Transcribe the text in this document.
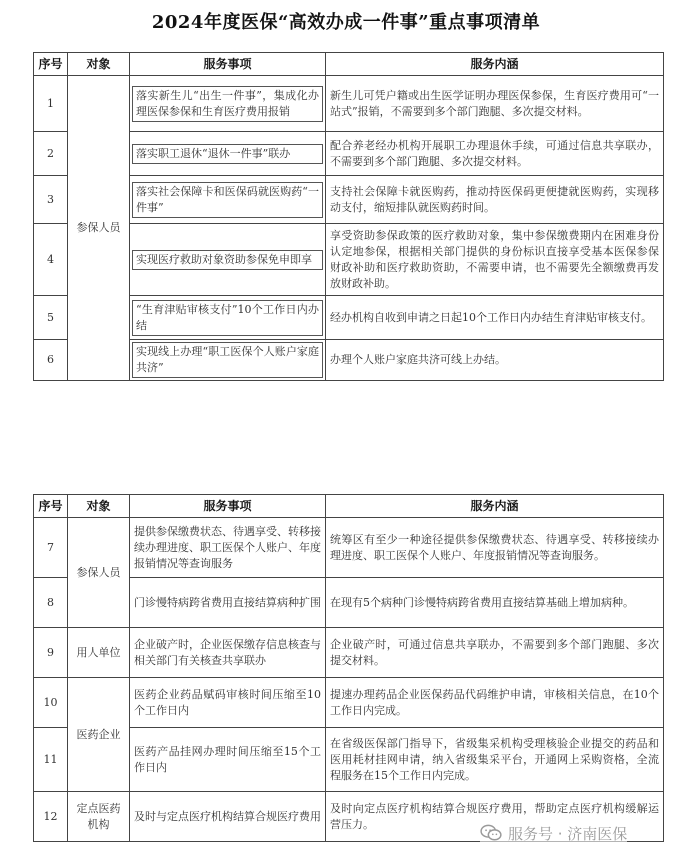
2024年度医保“高效办成一件事”重点事项清单
序号	对象	服务事项	服务内涵
1	参保人员	落实新生儿“出生一件事”，集成化办理医保参保和生育医疗费用报销	新生儿可凭户籍或出生医学证明办理医保参保，生育医疗费用可“一站式”报销，不需要到多个部门跑腿、多次提交材料。
2		落实职工退休“退休一件事”联办	配合养老经办机构开展职工办理退休手续，可通过信息共享联办，不需要到多个部门跑腿、多次提交材料。
3		落实社会保障卡和医保码就医购药“一件事”	支持社会保障卡就医购药，推动持医保码更便捷就医购药，实现移动支付，缩短排队就医购药时间。
4		实现医疗救助对象资助参保免申即享	享受资助参保政策的医疗救助对象，集中参保缴费期内在困难身份认定地参保，根据相关部门提供的身份标识直接享受基本医保参保财政补助和医疗救助资助，不需要申请，也不需要先全额缴费再发放财政补助。
5		“生育津贴审核支付”10个工作日内办结	经办机构自收到申请之日起10个工作日内办结生育津贴审核支付。
6		实现线上办理“职工医保个人账户家庭共济”	办理个人账户家庭共济可线上办结。
序号	对象	服务事项	服务内涵
7	参保人员	提供参保缴费状态、待遇享受、转移接续办理进度、职工医保个人账户、年度报销情况等查询服务	统筹区有至少一种途径提供参保缴费状态、待遇享受、转移接续办理进度、职工医保个人账户、年度报销情况等查询服务。
8		门诊慢特病跨省费用直接结算病种扩围	在现有5个病种门诊慢特病跨省费用直接结算基础上增加病种。
9	用人单位	企业破产时，企业医保缴存信息核查与相关部门有关核查共享联办	企业破产时，可通过信息共享联办，不需要到多个部门跑腿、多次提交材料。
10	医药企业	医药企业药品赋码审核时间压缩至10个工作日内	提速办理药品企业医保药品代码维护申请，审核相关信息，在10个工作日内完成。
11		医药产品挂网办理时间压缩至15个工作日内	在省级医保部门指导下，省级集采机构受理核验企业提交的药品和医用耗材挂网申请，纳入省级集采平台，开通网上采购资格，全流程服务在15个工作日内完成。
12	定点医药机构	及时与定点医疗机构结算合规医疗费用	及时向定点医疗机构结算合规医疗费用，帮助定点医疗机构缓解运营压力。
服务号 · 济南医保
